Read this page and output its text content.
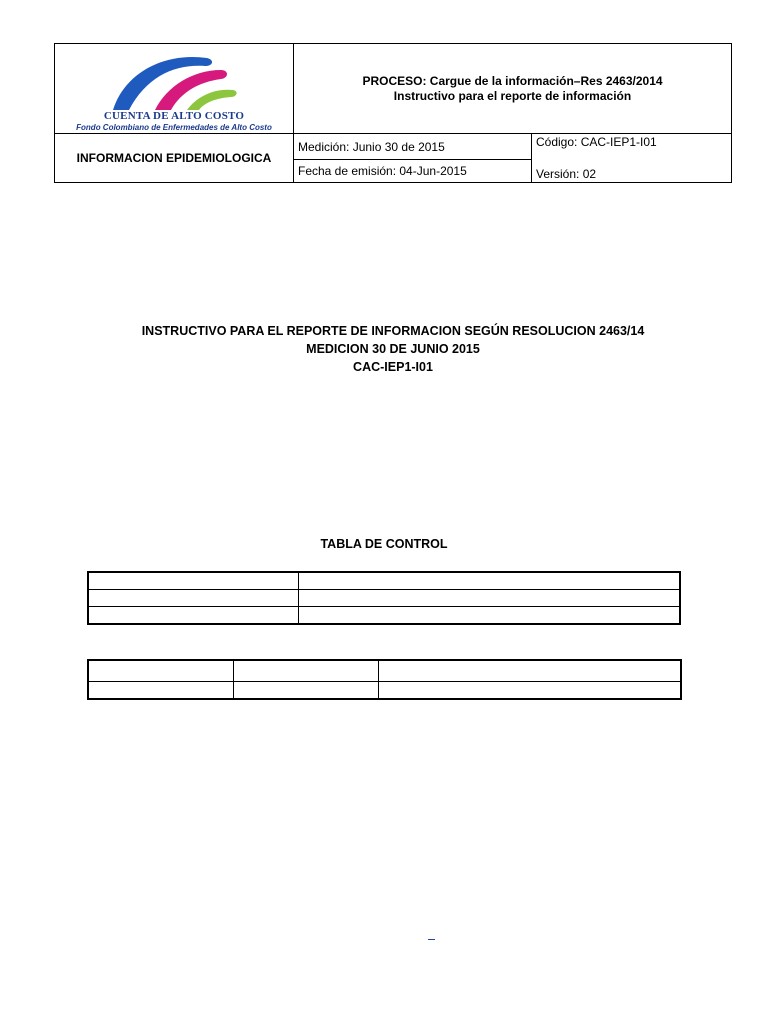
CUENTA DE ALTO COSTO
Fondo Colombiano de Enfermedades de Alto Costo
PROCESO: Cargue de la información–Res 2463/2014
Instructivo para el reporte de información
INFORMACION EPIDEMIOLOGICA
Medición: Junio 30 de 2015
Fecha de emisión: 04-Jun-2015
Código: CAC-IEP1-I01
Versión: 02
INSTRUCTIVO PARA EL REPORTE DE INFORMACION SEGÚN RESOLUCION 2463/14
MEDICION 30 DE JUNIO 2015
CAC-IEP1-I01
TABLA DE CONTROL
